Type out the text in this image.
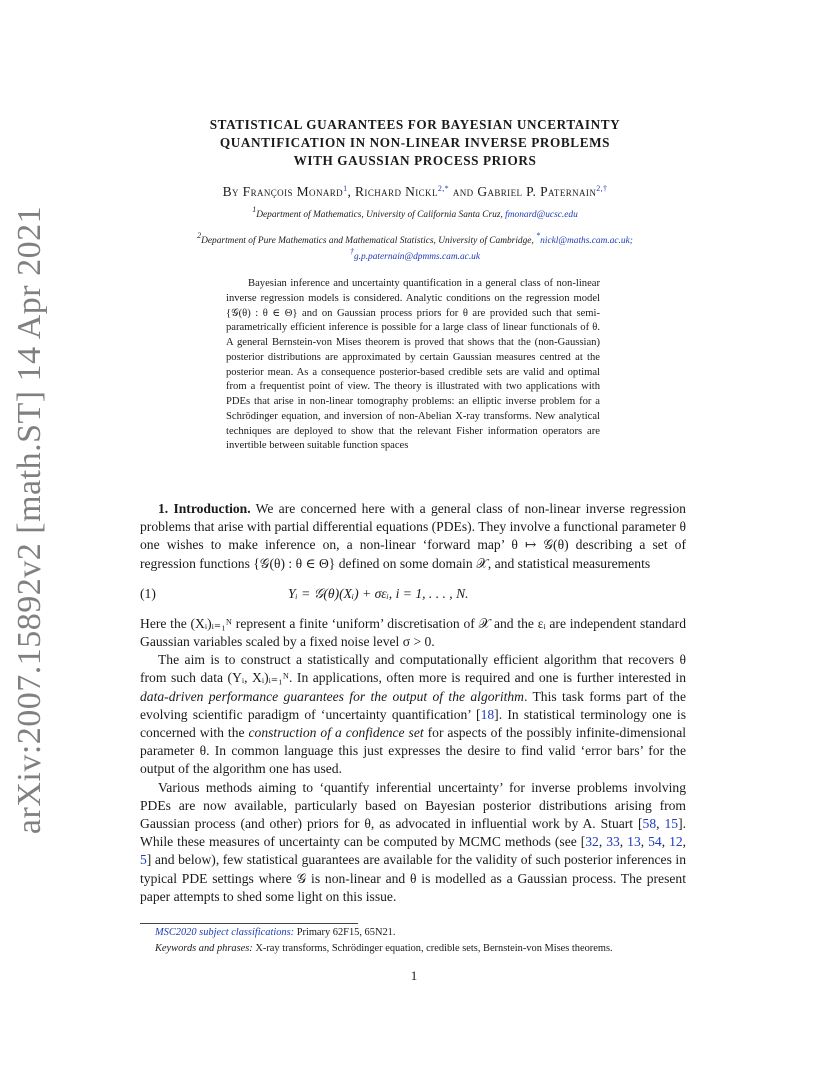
arXiv:2007.15892v2 [math.ST] 14 Apr 2021
STATISTICAL GUARANTEES FOR BAYESIAN UNCERTAINTY
QUANTIFICATION IN NON-LINEAR INVERSE PROBLEMS
WITH GAUSSIAN PROCESS PRIORS
By François Monard$^1$, Richard Nickl$^{2,*}$ and Gabriel P. Paternain$^{2,\dagger}$
$^1$Department of Mathematics, University of California Santa Cruz, fmonard@ucsc.edu
$^2$Department of Pure Mathematics and Mathematical Statistics, University of Cambridge, *nickl@maths.cam.ac.uk;
†g.p.paternain@dpmms.cam.ac.uk
Bayesian inference and uncertainty quantification in a general class of non-linear inverse regression models is considered. Analytic conditions on the regression model {𝒢(θ) : θ ∈ Θ} and on Gaussian process priors for θ are provided such that semi-parametrically efficient inference is possible for a large class of linear functionals of θ. A general Bernstein-von Mises theorem is proved that shows that the (non-Gaussian) posterior distributions are approximated by certain Gaussian measures centred at the posterior mean. As a consequence posterior-based credible sets are valid and optimal from a frequentist point of view. The theory is illustrated with two applications with PDEs that arise in non-linear tomography problems: an elliptic inverse problem for a Schrödinger equation, and inversion of non-Abelian X-ray transforms. New analytical techniques are deployed to show that the relevant Fisher information operators are invertible between suitable function spaces

1. Introduction. We are concerned here with a general class of non-linear inverse regression problems that arise with partial differential equations (PDEs). They involve a functional parameter θ one wishes to make inference on, a non-linear ‘forward map’ θ ↦ 𝒢(θ) describing a set of regression functions {𝒢(θ) : θ ∈ Θ} defined on some domain 𝒳, and statistical measurements

(1)	Yᵢ = 𝒢(θ)(Xᵢ) + σεᵢ, i = 1, . . . , N.

Here the (Xᵢ)ᵢ₌₁ᴺ represent a finite ‘uniform’ discretisation of 𝒳 and the εᵢ are independent standard Gaussian variables scaled by a fixed noise level σ > 0.

The aim is to construct a statistically and computationally efficient algorithm that recovers θ from such data (Yᵢ, Xᵢ)ᵢ₌₁ᴺ. In applications, often more is required and one is further interested in data-driven performance guarantees for the output of the algorithm. This task forms part of the evolving scientific paradigm of ‘uncertainty quantification’ [18]. In statistical terminology one is concerned with the construction of a confidence set for aspects of the possibly infinite-dimensional parameter θ. In common language this just expresses the desire to find valid ‘error bars’ for the output of the algorithm one has used.

Various methods aiming to ‘quantify inferential uncertainty’ for inverse problems involving PDEs are now available, particularly based on Bayesian posterior distributions arising from Gaussian process (and other) priors for θ, as advocated in influential work by A. Stuart [58, 15]. While these measures of uncertainty can be computed by MCMC methods (see [32, 33, 13, 54, 12, 5] and below), few statistical guarantees are available for the validity of such posterior inferences in typical PDE settings where 𝒢 is non-linear and θ is modelled as a Gaussian process. The present paper attempts to shed some light on this issue.

MSC2020 subject classifications: Primary 62F15, 65N21.
Keywords and phrases: X-ray transforms, Schrödinger equation, credible sets, Bernstein-von Mises theorems.
1
